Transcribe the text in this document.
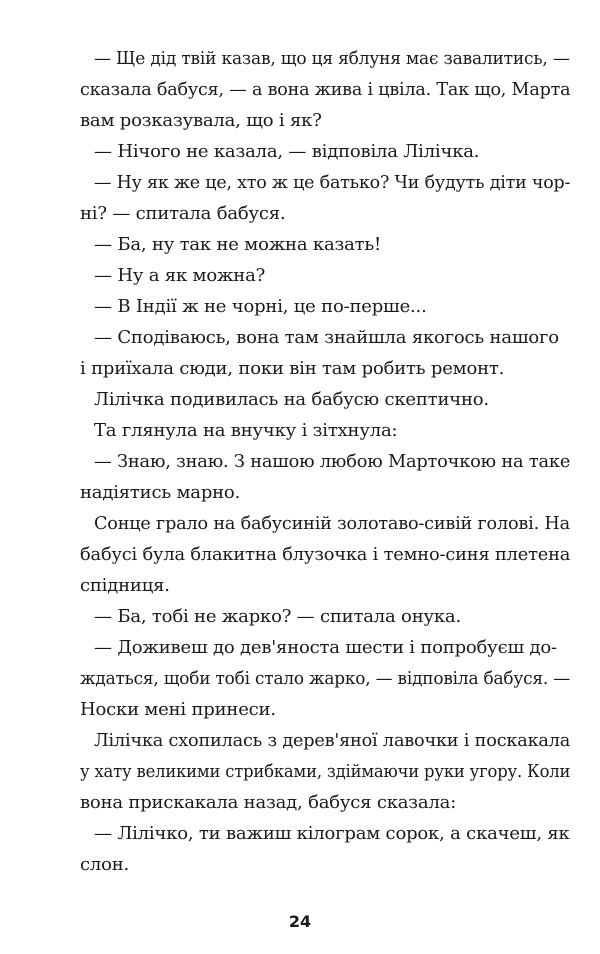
— Ще дід твій казав, що ця яблуня має завалитись, —
сказала бабуся, — а вона жива і цвіла. Так що, Марта
вам розказувала, що і як?
— Нічого не казала, — відповіла Лілічка.
— Ну як же це, хто ж це батько? Чи будуть діти чор-
ні? — спитала бабуся.
— Ба, ну так не можна казать!
— Ну а як можна?
— В Індії ж не чорні, це по-перше...
— Сподіваюсь, вона там знайшла якогось нашого
і приїхала сюди, поки він там робить ремонт.
Лілічка подивилась на бабусю скептично.
Та глянула на внучку і зітхнула:
— Знаю, знаю. З нашою любою Марточкою на таке
надіятись марно.
Сонце грало на бабусиній золотаво-сивій голові. На
бабусі була блакитна блузочка і темно-синя плетена
спідниця.
— Ба, тобі не жарко? — спитала онука.
— Доживеш до дев'яноста шести і попробуєш до-
ждаться, щоби тобі стало жарко, — відповіла бабуся. —
Носки мені принеси.
Лілічка схопилась з дерев'яної лавочки і поскакала
у хату великими стрибками, здіймаючи руки угору. Коли
вона прискакала назад, бабуся сказала:
— Лілічко, ти важиш кілограм сорок, а скачеш, як
слон.
24
